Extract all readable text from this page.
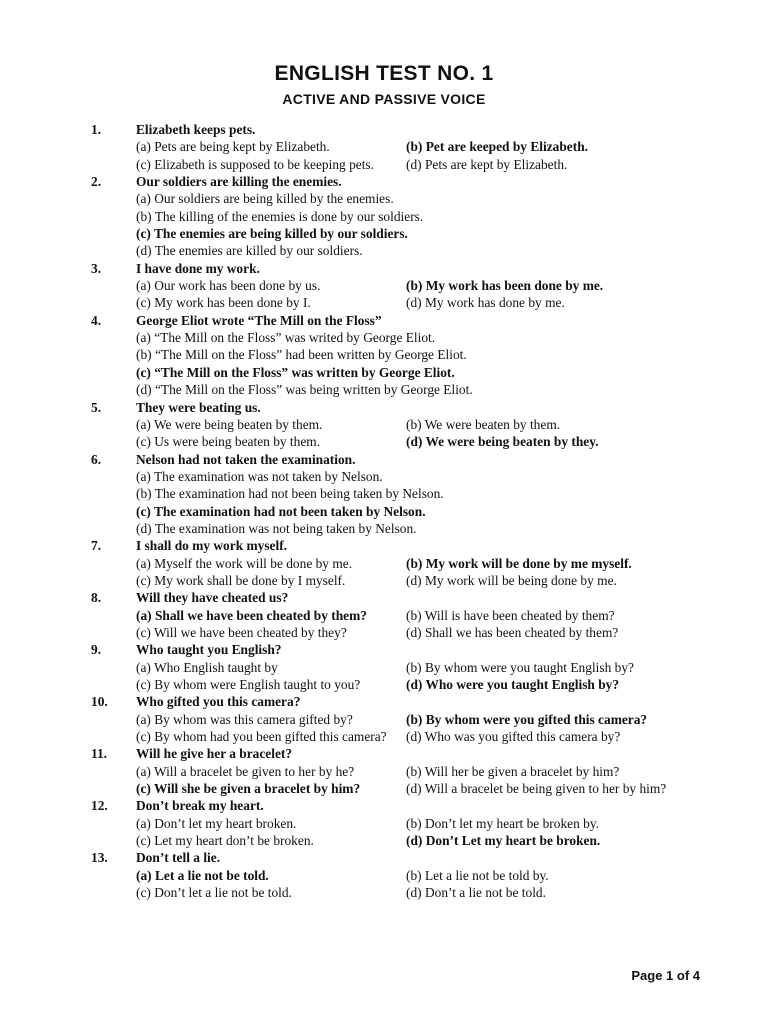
ENGLISH TEST NO. 1
ACTIVE AND PASSIVE VOICE
1.	Elizabeth keeps pets.
(a) Pets are being kept by Elizabeth.	(b) Pet are keeped by Elizabeth.
(c) Elizabeth is supposed to be keeping pets. (d) Pets are kept by Elizabeth.
2.	Our soldiers are killing the enemies.
(a) Our soldiers are being killed by the enemies.
(b) The killing of the enemies is done by our soldiers.
(c) The enemies are being killed by our soldiers.
(d) The enemies are killed by our soldiers.
3.	I have done my work.
(a) Our work has been done by us.	(b) My work has been done by me.
(c) My work has been done by I.	(d) My work has done by me.
4.	George Eliot wrote “The Mill on the Floss”
(a) “The Mill on the Floss” was writed by George Eliot.
(b) “The Mill on the Floss” had been written by George Eliot.
(c) “The Mill on the Floss” was written by George Eliot.
(d) “The Mill on the Floss” was being written by George Eliot.
5.	They were beating us.
(a) We were being beaten by them.	(b) We were beaten by them.
(c) Us were being beaten by them.	(d) We were being beaten by they.
6.	Nelson had not taken the examination.
(a) The examination was not taken by Nelson.
(b) The examination had not been being taken by Nelson.
(c) The examination had not been taken by Nelson.
(d) The examination was not being taken by Nelson.
7.	I shall do my work myself.
(a) Myself the work will be done by me.	(b) My work will be done by me myself.
(c) My work shall be done by I myself.	(d) My work will be being done by me.
8.	Will they have cheated us?
(a) Shall we have been cheated by them?	(b) Will is have been cheated by them?
(c) Will we have been cheated by they?	(d) Shall we has been cheated by them?
9.	Who taught you English?
(a) Who English taught by	(b) By whom were you taught English by?
(c) By whom were English taught to you?	(d) Who were you taught English by?
10. Who gifted you this camera?
(a) By whom was this camera gifted by?	(b) By whom were you gifted this camera?
(c) By whom had you been gifted this camera? (d) Who was you gifted this camera by?
11. Will he give her a bracelet?
(a) Will a bracelet be given to her by he?	(b) Will her be given a bracelet by him?
(c) Will she be given a bracelet by him?	(d) Will a bracelet be being given to her by him?
12. Don’t break my heart.
(a) Don’t let my heart broken.	(b) Don’t let my heart be broken by.
(c) Let my heart don’t be broken.	(d) Don’t Let my heart be broken.
13. Don’t tell a lie.
(a) Let a lie not be told.	(b) Let a lie not be told by.
(c) Don’t let a lie not be told.	(d) Don’t a lie not be told.
Page 1 of 4
